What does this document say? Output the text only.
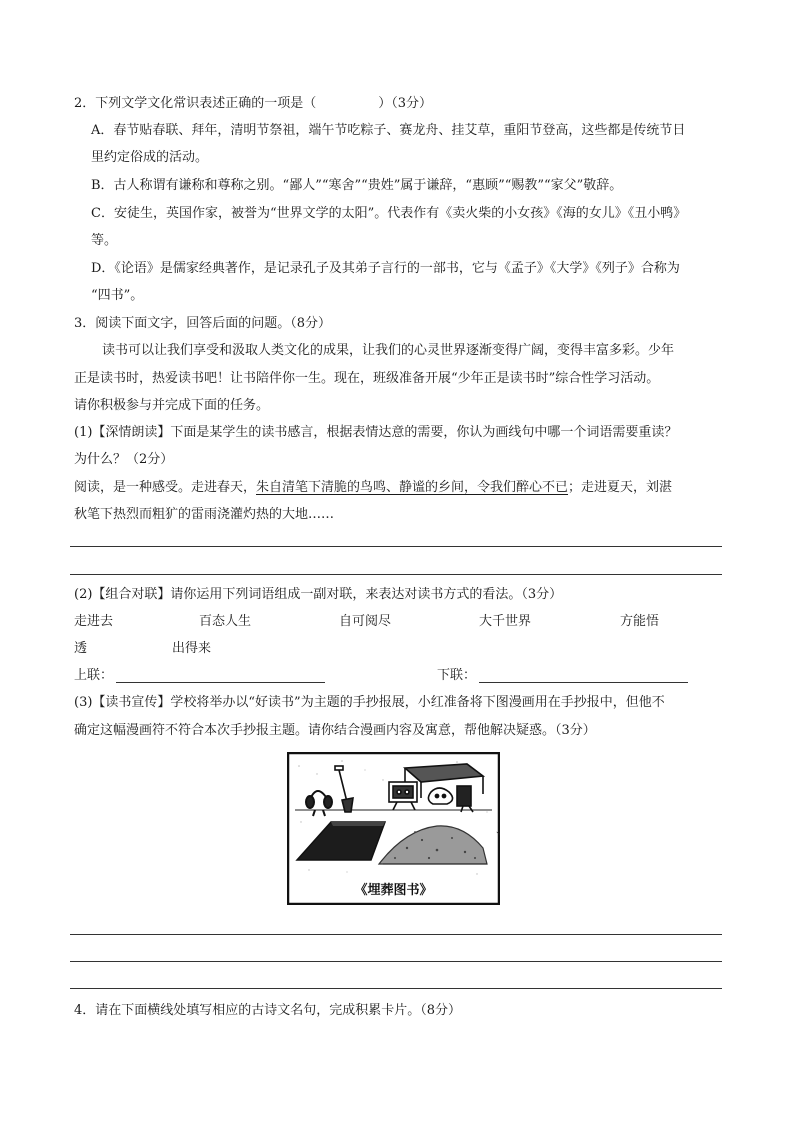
2．下列文学文化常识表述正确的一项是（	）（3分）
A．春节贴春联、拜年，清明节祭祖，端午节吃粽子、赛龙舟、挂艾草，重阳节登高，这些都是传统节日
里约定俗成的活动。
B．古人称谓有谦称和尊称之别。“鄙人”“寒舍”“贵姓”属于谦辞，“惠顾”“赐教”“家父”敬辞。
C．安徒生，英国作家，被誉为“世界文学的太阳”。代表作有《卖火柴的小女孩》《海的女儿》《丑小鸭》
等。
D．《论语》是儒家经典著作，是记录孔子及其弟子言行的一部书，它与《孟子》《大学》《列子》合称为
“四书”。
3．阅读下面文字，回答后面的问题。（8分）
读书可以让我们享受和汲取人类文化的成果，让我们的心灵世界逐渐变得广阔，变得丰富多彩。少年
正是读书时，热爱读书吧！让书陪伴你一生。现在，班级准备开展“少年正是读书时”综合性学习活动。
请你积极参与并完成下面的任务。
(1)【深情朗读】下面是某学生的读书感言，根据表情达意的需要，你认为画线句中哪一个词语需要重读？
为什么？（2分）
阅读，是一种感受。走进春天，朱自清笔下清脆的鸟鸣、静谧的乡间，令我们醉心不已；走进夏天，刘湛
秋笔下热烈而粗犷的雷雨浇灌灼热的大地……
(2)【组合对联】请你运用下列词语组成一副对联，来表达对读书方式的看法。（3分）
走进去	百态人生	自可阅尽	大千世界	方能悟
透	出得来
上联：	下联：
(3)【读书宣传】学校将举办以“好读书”为主题的手抄报展，小红准备将下图漫画用在手抄报中，但他不
确定这幅漫画符不符合本次手抄报主题。请你结合漫画内容及寓意，帮他解决疑惑。（3分）
《埋葬图书》
、
4．请在下面横线处填写相应的古诗文名句，完成积累卡片。（8分）
